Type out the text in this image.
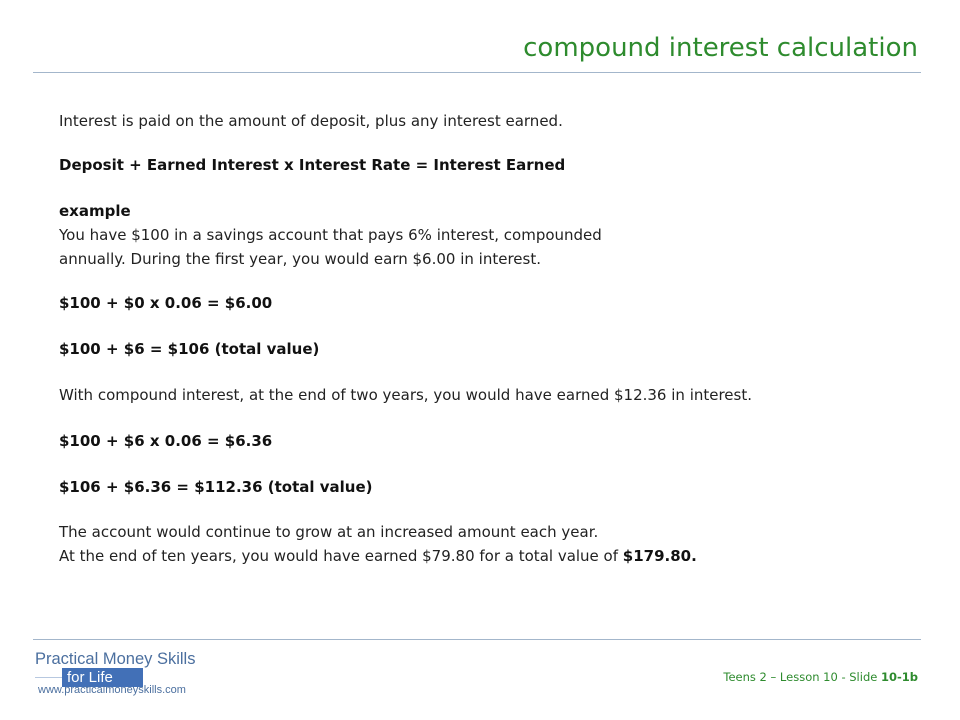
compound interest calculation

Interest is paid on the amount of deposit, plus any interest earned.

Deposit + Earned Interest x Interest Rate = Interest Earned

example

You have $100 in a savings account that pays 6% interest, compounded

annually. During the first year, you would earn $6.00 in interest.

$100 + $0 x 0.06 = $6.00

$100 + $6 = $106 (total value)

With compound interest, at the end of two years, you would have earned $12.36 in interest.

$100 + $6 x 0.06 = $6.36

$106 + $6.36 = $112.36 (total value)

The account would continue to grow at an increased amount each year.

At the end of ten years, you would have earned $79.80 for a total value of $179.80.

Practical Money Skills
for Life
www.practicalmoneyskills.com
Teens 2 – Lesson 10 - Slide 10-1b
